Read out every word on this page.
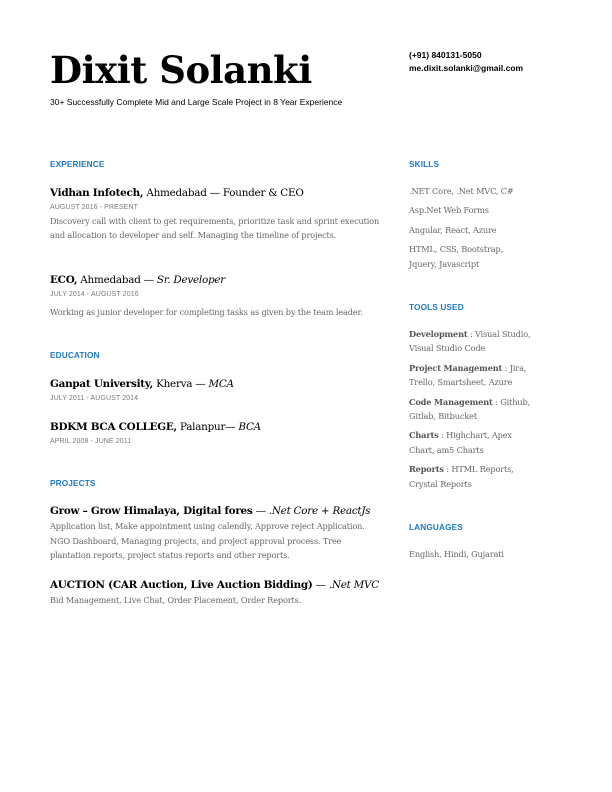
Dixit Solanki
30+ Successfully Complete Mid and Large Scale Project in 8 Year Experience
(+91) 840131-5050
me.dixit.solanki@gmail.com
EXPERIENCE
Vidhan Infotech, Ahmedabad — Founder & CEO
AUGUST 2016 - PRESENT
Discovery call with client to get requirements, prioritize task and sprint execution and allocation to developer and self. Managing the timeline of projects.
ECO, Ahmedabad — Sr. Developer
JULY 2014 - AUGUST 2016
Working as junior developer for completing tasks as given by the team leader.
EDUCATION
Ganpat University, Kherva — MCA
JULY 2011 - AUGUST 2014
BDKM BCA COLLEGE, Palanpur— BCA
APRIL 2008 - JUNE 2011
PROJECTS
Grow – Grow Himalaya, Digital fores — .Net Core + ReactJs
Application list, Make appointment using calendly, Approve reject Application. NGO Dashboard, Managing projects, and project approval process. Tree plantation reports, project status reports and other reports.
AUCTION (CAR Auction, Live Auction Bidding) — .Net MVC
Bid Management, Live Chat, Order Placement, Order Reports.
SKILLS
.NET Core, .Net MVC, C#
Asp.Net Web Forms
Angular, React, Azure
HTML, CSS, Bootstrap, Jquery, Javascript
TOOLS USED
Development : Visual Studio, Visual Studio Code
Project Management : Jira, Trello, Smartsheet, Azure
Code Management : Github, Gitlab, Bitbucket
Charts : Highchart, Apex Chart, am5 Charts
Reports : HTML Reports, Crystal Reports
LANGUAGES
English, Hindi, Gujarati
